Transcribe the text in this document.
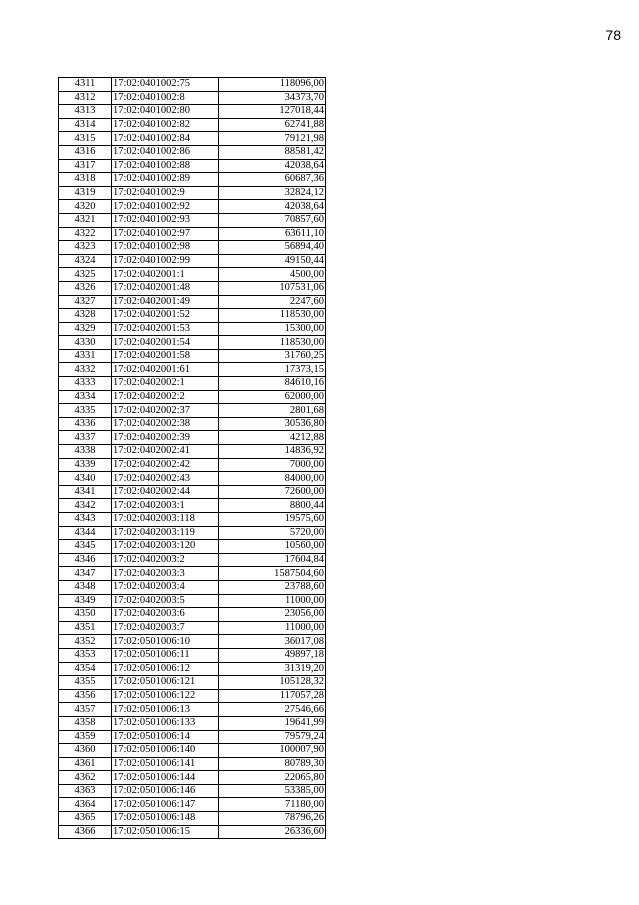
78
4311	17:02:0401002:75	118096,00
4312	17:02:0401002:8	34373,70
4313	17:02:0401002:80	127018,44
4314	17:02:0401002:82	62741,88
4315	17:02:0401002:84	79121,98
4316	17:02:0401002:86	88581,42
4317	17:02:0401002:88	42038,64
4318	17:02:0401002:89	60687,36
4319	17:02:0401002:9	32824,12
4320	17:02:0401002:92	42038,64
4321	17:02:0401002:93	70857,60
4322	17:02:0401002:97	63611,10
4323	17:02:0401002:98	56894,40
4324	17:02:0401002:99	49150,44
4325	17:02:0402001:1	4500,00
4326	17:02:0402001:48	107531,06
4327	17:02:0402001:49	2247,60
4328	17:02:0402001:52	118530,00
4329	17:02:0402001:53	15300,00
4330	17:02:0402001:54	118530,00
4331	17:02:0402001:58	31760,25
4332	17:02:0402001:61	17373,15
4333	17:02:0402002:1	84610,16
4334	17:02:0402002:2	62000,00
4335	17:02:0402002:37	2801,68
4336	17:02:0402002:38	30536,80
4337	17:02:0402002:39	4212,88
4338	17:02:0402002:41	14836,92
4339	17:02:0402002:42	7000,00
4340	17:02:0402002:43	84000,00
4341	17:02:0402002:44	72600,00
4342	17:02:0402003:1	8800,44
4343	17:02:0402003:118	19575,60
4344	17:02:0402003:119	5720,00
4345	17:02:0402003:120	10560,00
4346	17:02:0402003:2	17604,84
4347	17:02:0402003:3	1587504,60
4348	17:02:0402003:4	23788,60
4349	17:02:0402003:5	11000,00
4350	17:02:0402003:6	23056,00
4351	17:02:0402003:7	11000,00
4352	17:02:0501006:10	36017,08
4353	17:02:0501006:11	49897,18
4354	17:02:0501006:12	31319,20
4355	17:02:0501006:121	105128,32
4356	17:02:0501006:122	117057,28
4357	17:02:0501006:13	27546,66
4358	17:02:0501006:133	19641,99
4359	17:02:0501006:14	79579,24
4360	17:02:0501006:140	100007,90
4361	17:02:0501006:141	80789,30
4362	17:02:0501006:144	22065,80
4363	17:02:0501006:146	53385,00
4364	17:02:0501006:147	71180,00
4365	17:02:0501006:148	78796,26
4366	17:02:0501006:15	26336,60
